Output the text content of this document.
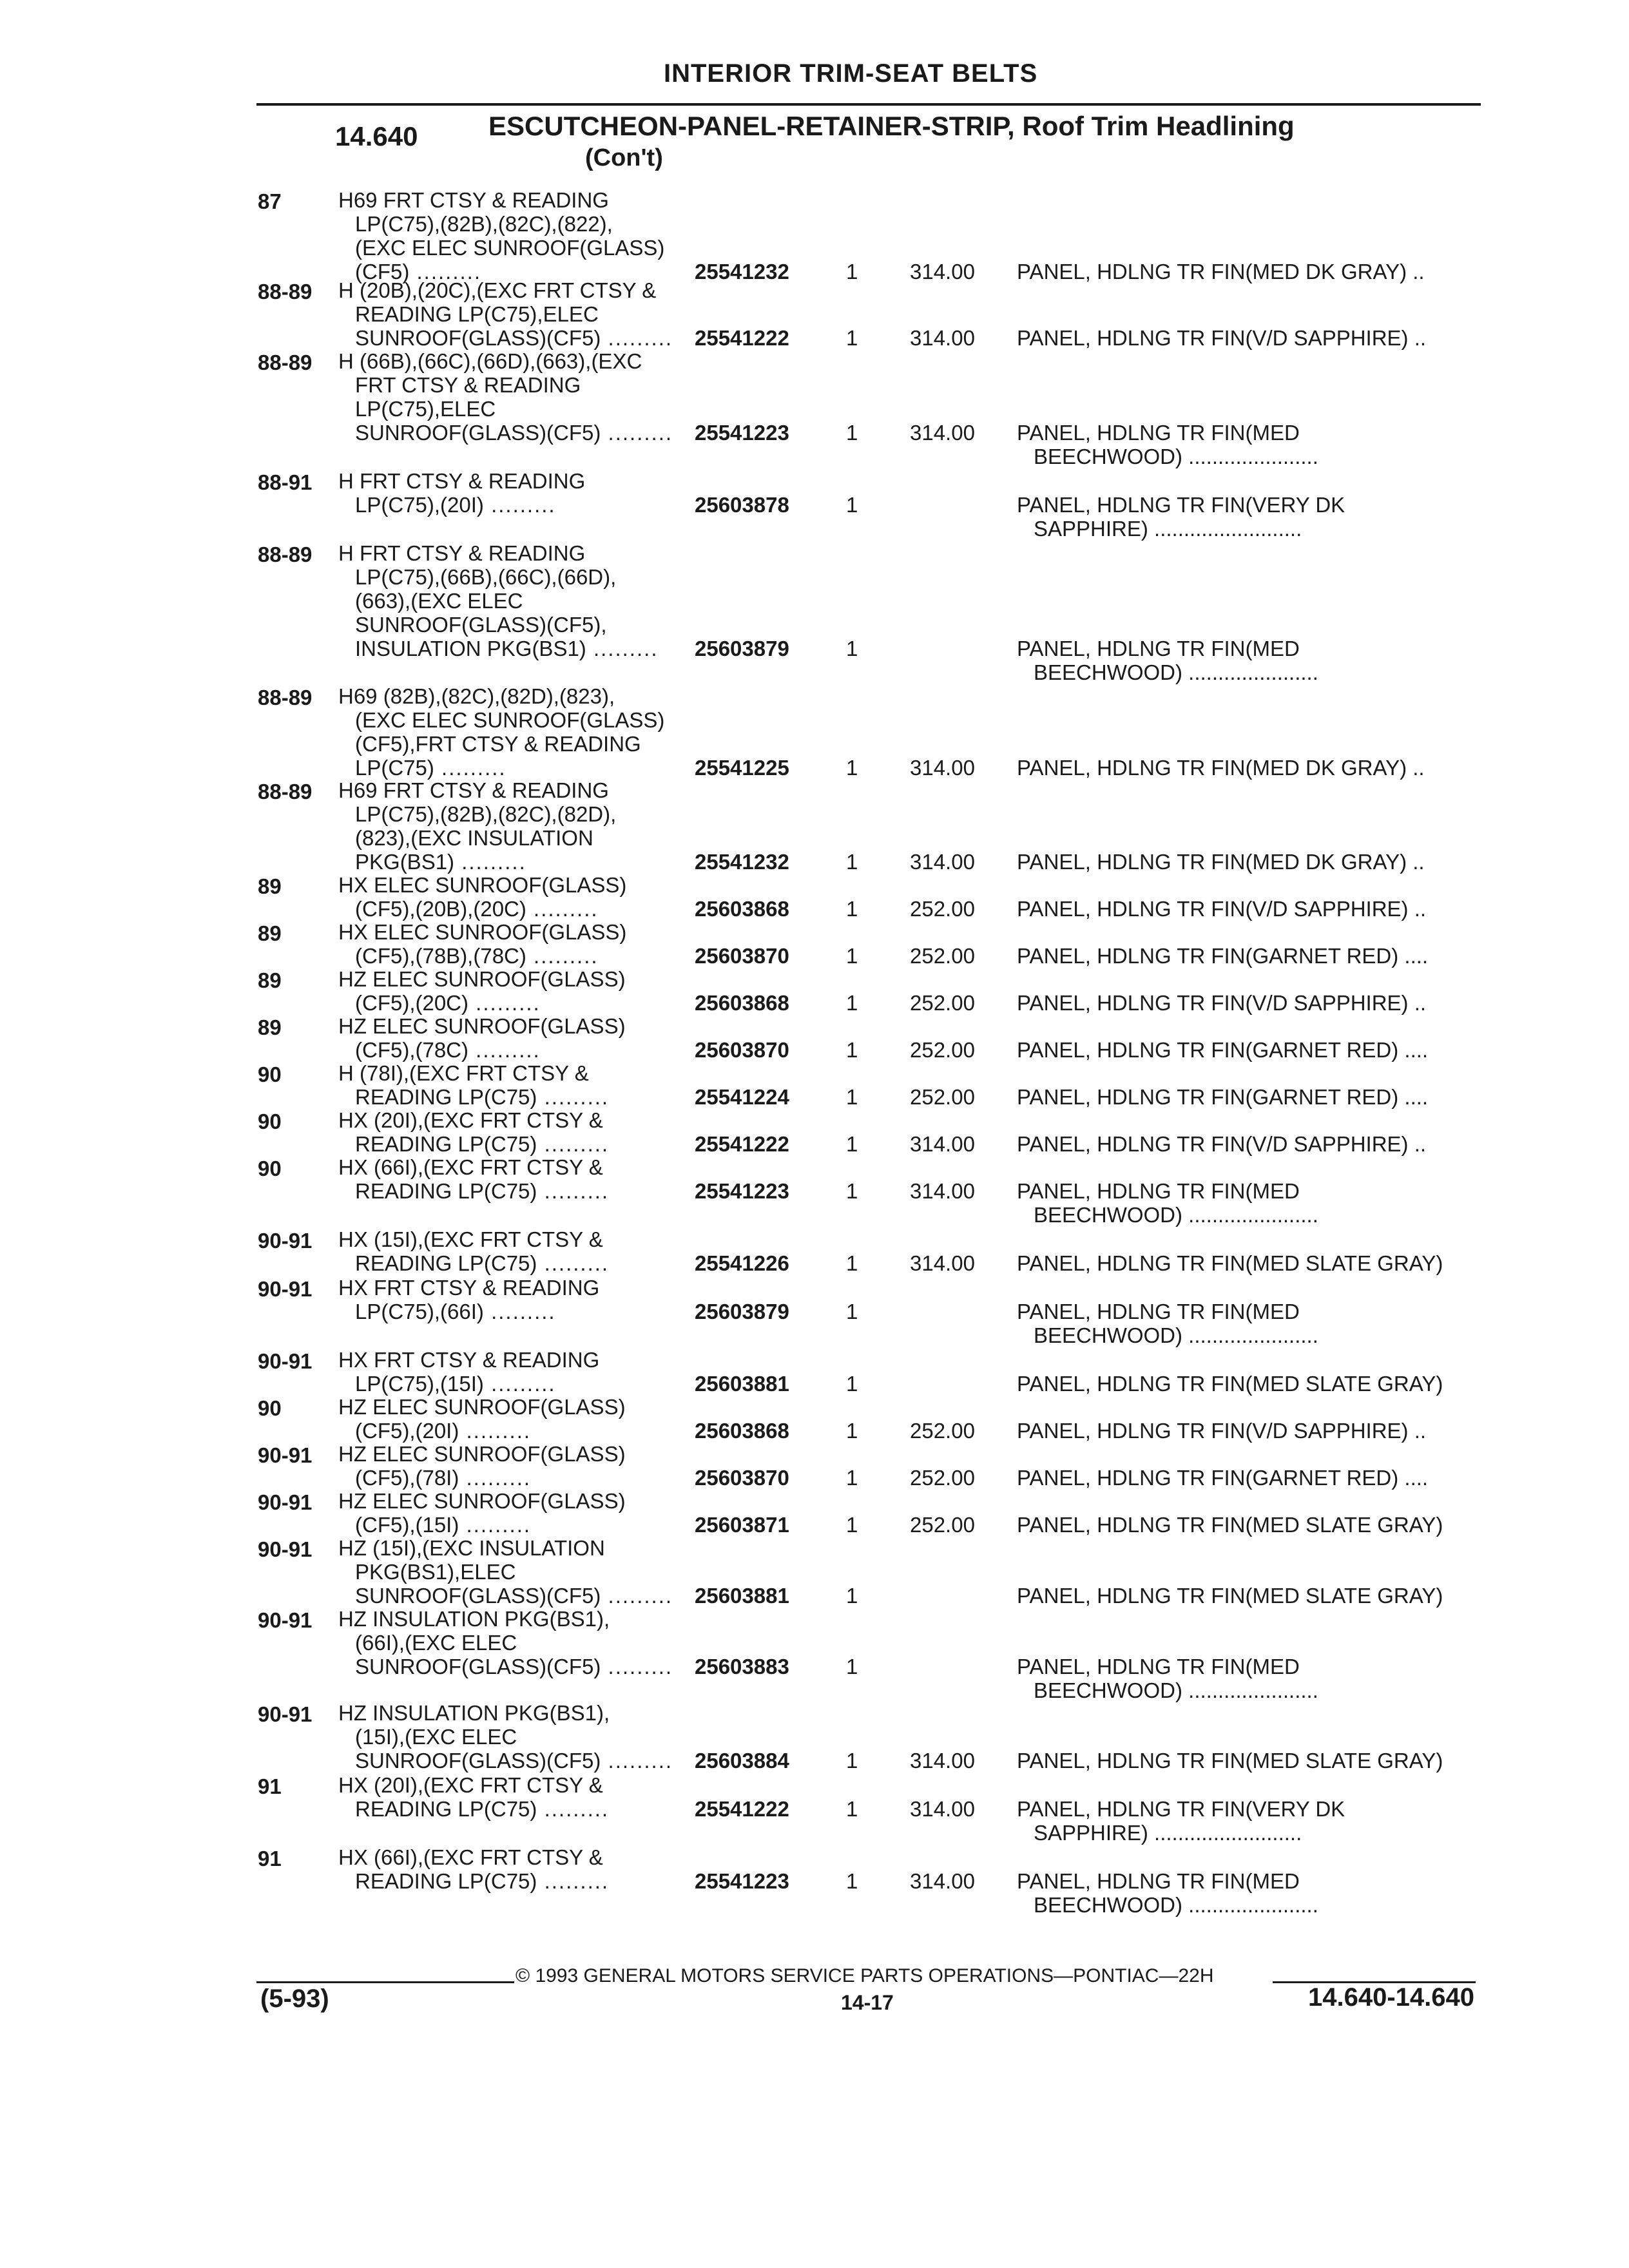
INTERIOR TRIM-SEAT BELTS
14.640	ESCUTCHEON-PANEL-RETAINER-STRIP, Roof Trim Headlining
(Con't)
87	H69 FRT CTSY & READING
LP(C75),(82B),(82C),(822),
(EXC ELEC SUNROOF(GLASS)
(CF5) .........	25541232	1 314.00 PANEL, HDLNG TR FIN(MED DK GRAY) ..
88-89 H (20B),(20C),(EXC FRT CTSY &
READING LP(C75),ELEC
SUNROOF(GLASS)(CF5) .........	25541222	1 314.00 PANEL, HDLNG TR FIN(V/D SAPPHIRE) ..
88-89 H (66B),(66C),(66D),(663),(EXC
FRT CTSY & READING
LP(C75),ELEC
SUNROOF(GLASS)(CF5) .........	25541223	1 314.00 PANEL, HDLNG TR FIN(MED
BEECHWOOD) ......................
88-91 H FRT CTSY & READING
LP(C75),(20I) .........	25603878	1	PANEL, HDLNG TR FIN(VERY DK
SAPPHIRE) .........................
88-89 H FRT CTSY & READING
LP(C75),(66B),(66C),(66D),
(663),(EXC ELEC
SUNROOF(GLASS)(CF5),
INSULATION PKG(BS1) .........	25603879	1	PANEL, HDLNG TR FIN(MED
BEECHWOOD) ......................
88-89 H69 (82B),(82C),(82D),(823),
(EXC ELEC SUNROOF(GLASS)
(CF5),FRT CTSY & READING
LP(C75) .........	25541225	1 314.00 PANEL, HDLNG TR FIN(MED DK GRAY) ..
88-89 H69 FRT CTSY & READING
LP(C75),(82B),(82C),(82D),
(823),(EXC INSULATION
PKG(BS1) .........	25541232	1 314.00 PANEL, HDLNG TR FIN(MED DK GRAY) ..
89	HX ELEC SUNROOF(GLASS)
(CF5),(20B),(20C) .........	25603868	1 252.00 PANEL, HDLNG TR FIN(V/D SAPPHIRE) ..
89	HX ELEC SUNROOF(GLASS)
(CF5),(78B),(78C) .........	25603870	1 252.00 PANEL, HDLNG TR FIN(GARNET RED) ....
89	HZ ELEC SUNROOF(GLASS)
(CF5),(20C) .........	25603868	1 252.00 PANEL, HDLNG TR FIN(V/D SAPPHIRE) ..
89	HZ ELEC SUNROOF(GLASS)
(CF5),(78C) .........	25603870	1 252.00 PANEL, HDLNG TR FIN(GARNET RED) ....
90	H (78I),(EXC FRT CTSY &
READING LP(C75) .........	25541224	1 252.00 PANEL, HDLNG TR FIN(GARNET RED) ....
90	HX (20I),(EXC FRT CTSY &
READING LP(C75) .........	25541222	1 314.00 PANEL, HDLNG TR FIN(V/D SAPPHIRE) ..
90	HX (66I),(EXC FRT CTSY &
READING LP(C75) .........	25541223	1 314.00 PANEL, HDLNG TR FIN(MED
BEECHWOOD) ......................
90-91 HX (15I),(EXC FRT CTSY &
READING LP(C75) .........	25541226	1 314.00 PANEL, HDLNG TR FIN(MED SLATE GRAY)
90-91 HX FRT CTSY & READING
LP(C75),(66I) .........	25603879	1	PANEL, HDLNG TR FIN(MED
BEECHWOOD) ......................
90-91 HX FRT CTSY & READING
LP(C75),(15I) .........	25603881	1	PANEL, HDLNG TR FIN(MED SLATE GRAY)
90	HZ ELEC SUNROOF(GLASS)
(CF5),(20I) .........	25603868	1 252.00 PANEL, HDLNG TR FIN(V/D SAPPHIRE) ..
90-91 HZ ELEC SUNROOF(GLASS)
(CF5),(78I) .........	25603870	1 252.00 PANEL, HDLNG TR FIN(GARNET RED) ....
90-91 HZ ELEC SUNROOF(GLASS)
(CF5),(15I) .........	25603871	1 252.00 PANEL, HDLNG TR FIN(MED SLATE GRAY)
90-91 HZ (15I),(EXC INSULATION
PKG(BS1),ELEC
SUNROOF(GLASS)(CF5) .........	25603881	1	PANEL, HDLNG TR FIN(MED SLATE GRAY)
90-91 HZ INSULATION PKG(BS1),
(66I),(EXC ELEC
SUNROOF(GLASS)(CF5) .........	25603883	1	PANEL, HDLNG TR FIN(MED
BEECHWOOD) ......................
90-91 HZ INSULATION PKG(BS1),
(15I),(EXC ELEC
SUNROOF(GLASS)(CF5) .........	25603884	1 314.00 PANEL, HDLNG TR FIN(MED SLATE GRAY)
91	HX (20I),(EXC FRT CTSY &
READING LP(C75) .........	25541222	1 314.00 PANEL, HDLNG TR FIN(VERY DK
SAPPHIRE) .........................
91	HX (66I),(EXC FRT CTSY &
READING LP(C75) .........	25541223	1 314.00 PANEL, HDLNG TR FIN(MED
BEECHWOOD) ......................
© 1993 GENERAL MOTORS SERVICE PARTS OPERATIONS—PONTIAC—22H
(5-93)	14-17	14.640-14.640
